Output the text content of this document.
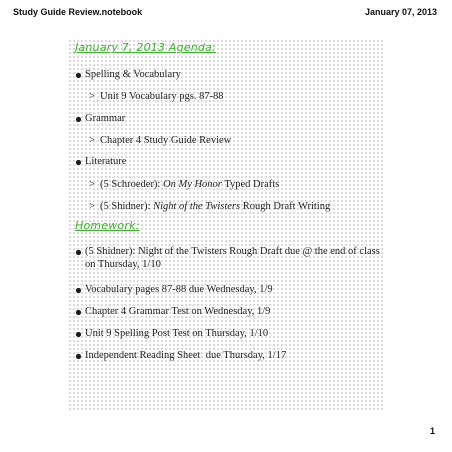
Study Guide Review.notebook	January 07, 2013
January 7, 2013 Agenda:
Spelling & Vocabulary
> Unit 9 Vocabulary pgs. 87-88
Grammar
> Chapter 4 Study Guide Review
Literature
> (5 Schroeder): On My Honor Typed Drafts
> (5 Shidner): Night of the Twisters Rough Draft Writing
Homework:
(5 Shidner): Night of the Twisters Rough Draft due @ the end of class on Thursday, 1/10
Vocabulary pages 87-88 due Wednesday, 1/9
Chapter 4 Grammar Test on Wednesday, 1/9
Unit 9 Spelling Post Test on Thursday, 1/10
Independent Reading Sheet  due Thursday, 1/17
1
